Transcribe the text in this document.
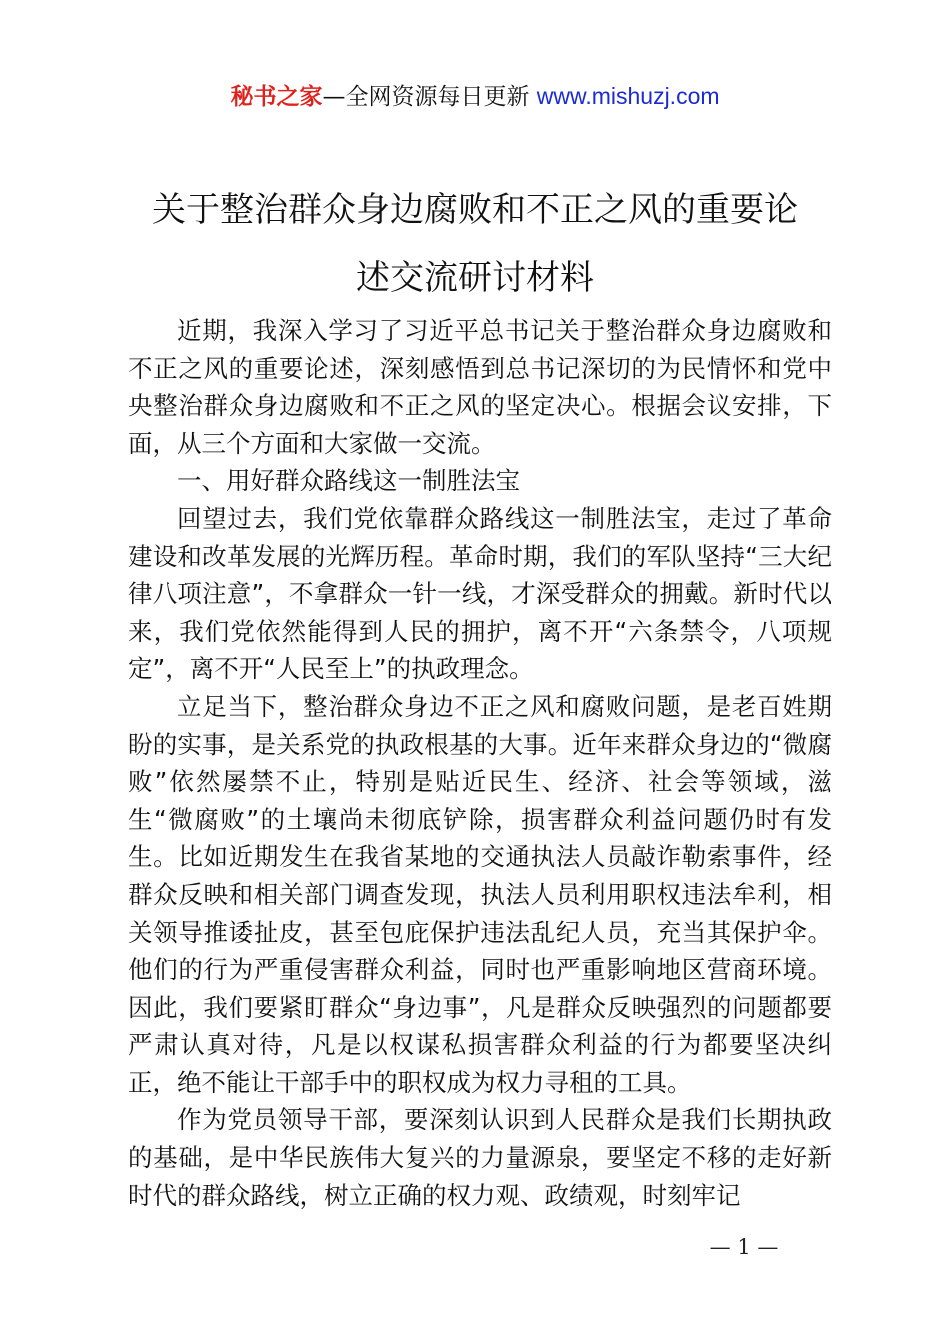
秘书之家—全网资源每日更新 www.mishuzj.com
关于整治群众身边腐败和不正之风的重要论
述交流研讨材料

近期，我深入学习了习近平总书记关于整治群众身边腐败和不正之风的重要论述，深刻感悟到总书记深切的为民情怀和党中央整治群众身边腐败和不正之风的坚定决心。根据会议安排，下面，从三个方面和大家做一交流。

一、用好群众路线这一制胜法宝

回望过去，我们党依靠群众路线这一制胜法宝，走过了革命建设和改革发展的光辉历程。革命时期，我们的军队坚持“三大纪律八项注意”，不拿群众一针一线，才深受群众的拥戴。新时代以来，我们党依然能得到人民的拥护，离不开“六条禁令，八项规定”，离不开“人民至上”的执政理念。

立足当下，整治群众身边不正之风和腐败问题，是老百姓期盼的实事，是关系党的执政根基的大事。近年来群众身边的“微腐败”依然屡禁不止，特别是贴近民生、经济、社会等领域，滋生“微腐败”的土壤尚未彻底铲除，损害群众利益问题仍时有发生。比如近期发生在我省某地的交通执法人员敲诈勒索事件，经群众反映和相关部门调查发现，执法人员利用职权违法牟利，相关领导推诿扯皮，甚至包庇保护违法乱纪人员，充当其保护伞。他们的行为严重侵害群众利益，同时也严重影响地区营商环境。因此，我们要紧盯群众“身边事”，凡是群众反映强烈的问题都要严肃认真对待，凡是以权谋私损害群众利益的行为都要坚决纠正，绝不能让干部手中的职权成为权力寻租的工具。

作为党员领导干部，要深刻认识到人民群众是我们长期执政的基础，是中华民族伟大复兴的力量源泉，要坚定不移的走好新时代的群众路线，树立正确的权力观、政绩观，时刻牢记

— 1 —
